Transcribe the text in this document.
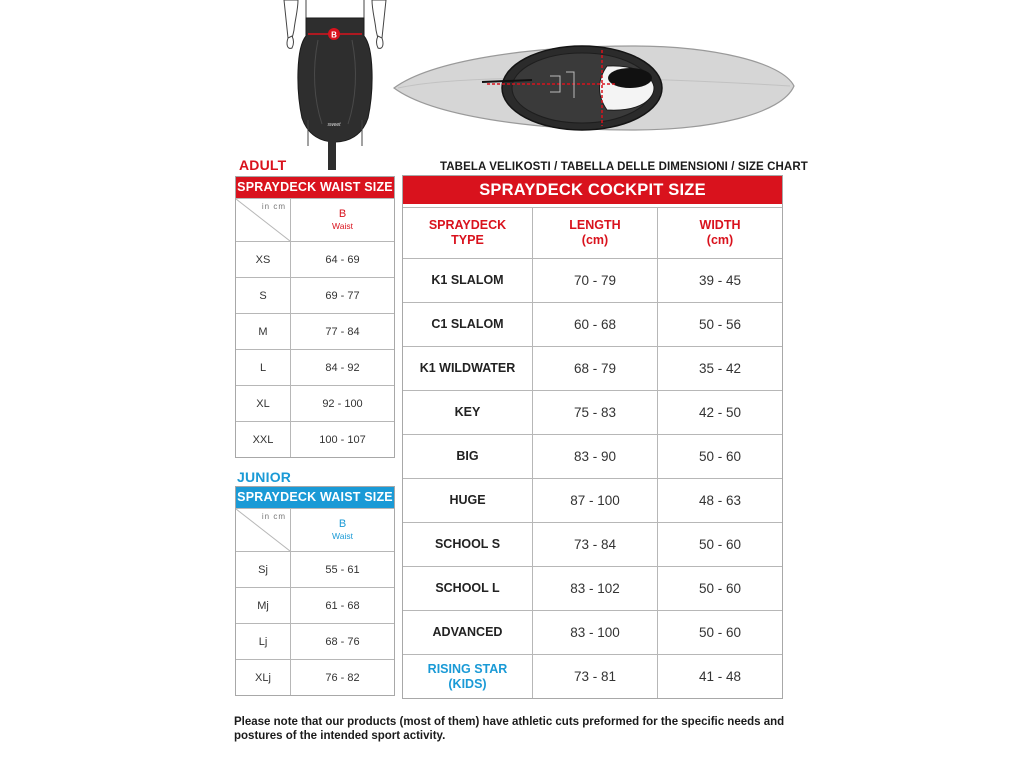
B
sweet
ADULT	TABELA VELIKOSTI / TABELLA DELLE DIMENSIONI / SIZE CHART
JUNIOR
SPRAYDECK WAIST SIZE
in cm
B
Waist
XS	64 - 69
S	69 - 77
M	77 - 84
L	84 - 92
XL	92 - 100
XXL	100 - 107
SPRAYDECK WAIST SIZE
in cm
B
Waist
Sj	55 - 61
Mj	61 - 68
Lj	68 - 76
XLj	76 - 82
SPRAYDECK COCKPIT SIZE
SPRAYDECK
TYPE
LENGTH
(cm)
WIDTH
(cm)
K1 SLALOM	70 - 79	39 - 45
C1 SLALOM	60 - 68	50 - 56
K1 WILDWATER	68 - 79	35 - 42
KEY	75 - 83	42 - 50
BIG	83 - 90	50 - 60
HUGE	87 - 100	48 - 63
SCHOOL S	73 - 84	50 - 60
SCHOOL L	83 - 102	50 - 60
ADVANCED	83 - 100	50 - 60
RISING STAR
(KIDS)	73 - 81	41 - 48
Please note that our products (most of them) have athletic cuts preformed for the specific needs and postures of the intended sport activity.
